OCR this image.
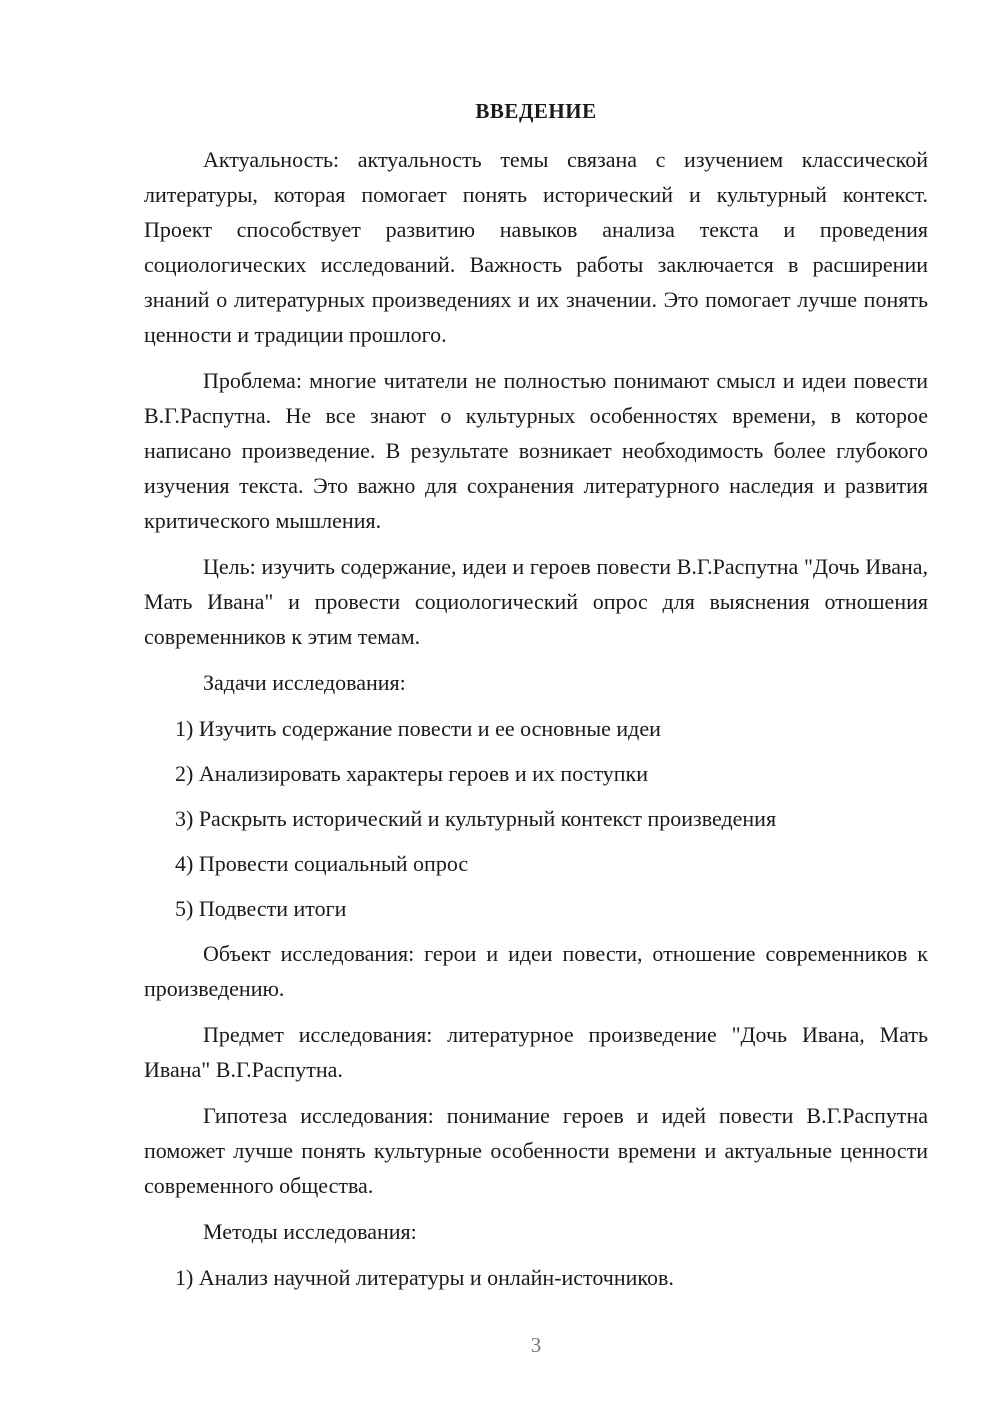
ВВЕДЕНИЕ

Актуальность: актуальность темы связана с изучением классической литературы, которая помогает понять исторический и культурный контекст. Проект способствует развитию навыков анализа текста и проведения социологических исследований. Важность работы заключается в расширении знаний о литературных произведениях и их значении. Это помогает лучше понять ценности и традиции прошлого.

Проблема: многие читатели не полностью понимают смысл и идеи повести В.Г.Распутна. Не все знают о культурных особенностях времени, в которое написано произведение. В результате возникает необходимость более глубокого изучения текста. Это важно для сохранения литературного наследия и развития критического мышления.

Цель: изучить содержание, идеи и героев повести В.Г.Распутна "Дочь Ивана, Мать Ивана" и провести социологический опрос для выяснения отношения современников к этим темам.

Задачи исследования:

1) Изучить содержание повести и ее основные идеи
2) Анализировать характеры героев и их поступки
3) Раскрыть исторический и культурный контекст произведения
4) Провести социальный опрос
5) Подвести итоги

Объект исследования: герои и идеи повести, отношение современников к произведению.

Предмет исследования: литературное произведение "Дочь Ивана, Мать Ивана" В.Г.Распутна.

Гипотеза исследования: понимание героев и идей повести В.Г.Распутна поможет лучше понять культурные особенности времени и актуальные ценности современного общества.

Методы исследования:

1) Анализ научной литературы и онлайн-источников.
3
